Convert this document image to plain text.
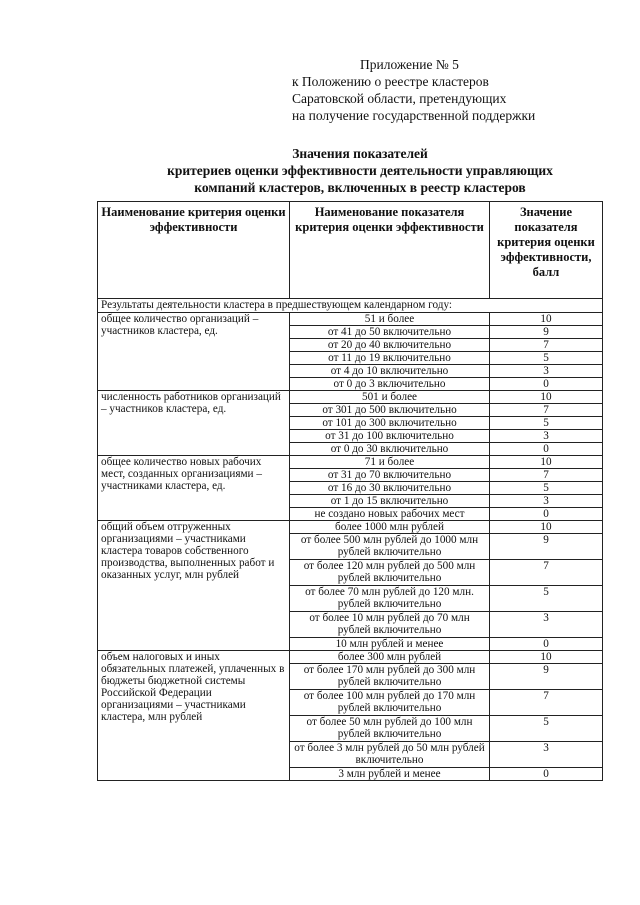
Приложение № 5
к Положению о реестре кластеров
Саратовской области, претендующих
на получение государственной поддержки
Значения показателей
критериев оценки эффективности деятельности управляющих
компаний кластеров, включенных в реестр кластеров
Наименование критерия оценки эффективности	Наименование показателя критерия оценки эффективности	Значение показателя критерия оценки эффективности, балл
Результаты деятельности кластера в предшествующем календарном году:		
общее количество организаций – участников кластера, ед.	51 и более	10
	от 41 до 50 включительно	9
	от 20 до 40 включительно	7
	от 11 до 19 включительно	5
	от 4 до 10 включительно	3
	от 0 до 3 включительно	0
численность работников организаций – участников кластера, ед.	501 и более	10
	от 301 до 500 включительно	7
	от 101 до 300 включительно	5
	от 31 до 100 включительно	3
	от 0 до 30 включительно	0
общее количество новых рабочих мест, созданных организациями – участниками кластера, ед.	71 и более	10
	от 31 до 70 включительно	7
	от 16 до 30 включительно	5
	от 1 до 15 включительно	3
	не создано новых рабочих мест	0
общий объем отгруженных организациями – участниками кластера товаров собственного производства, выполненных работ и оказанных услуг, млн рублей	более 1000 млн рублей	10
	от более 500 млн рублей до 1000 млн рублей включительно	9
	от более 120 млн рублей до 500 млн рублей включительно	7
	от более 70 млн рублей до 120 млн. рублей включительно	5
	от более 10 млн рублей до 70 млн рублей включительно	3
	10 млн рублей и менее	0
объем налоговых и иных обязательных платежей, уплаченных в бюджеты бюджетной системы Российской Федерации организациями – участниками кластера, млн рублей	более 300 млн рублей	10
	от более 170 млн рублей до 300 млн рублей включительно	9
	от более 100 млн рублей до 170 млн рублей включительно	7
	от более 50 млн рублей до 100 млн рублей включительно	5
	от более 3 млн рублей до 50 млн рублей включительно	3
	3 млн рублей и менее	0
